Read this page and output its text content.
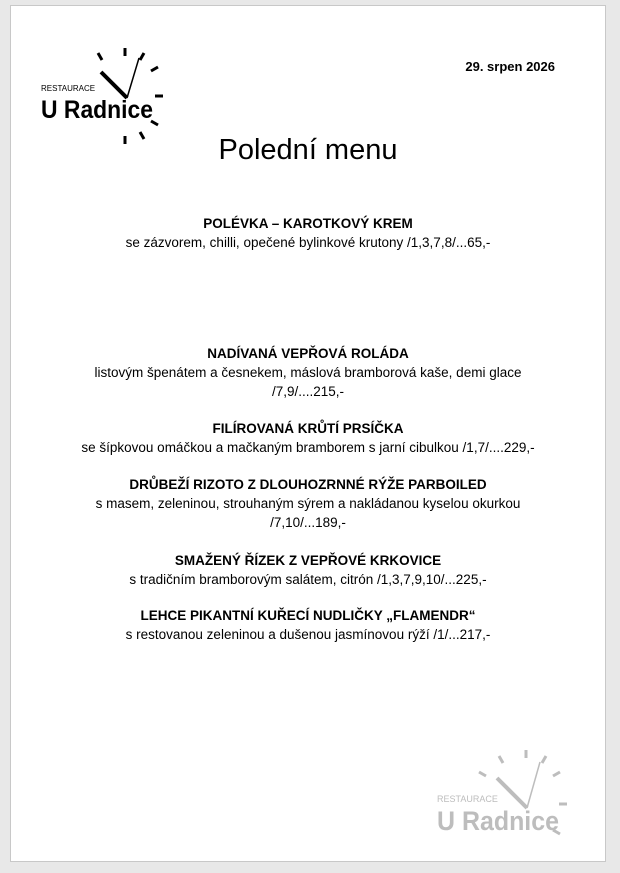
RESTAURACE
U Radnice
29. srpen 2026
Polední menu
POLÉVKA – KAROTKOVÝ KREM
se zázvorem, chilli, opečené bylinkové krutony /1,3,7,8/...65,-
NADÍVANÁ VEPŘOVÁ ROLÁDA
listovým špenátem a česnekem, máslová bramborová kaše, demi glace
/7,9/....215,-
FILÍROVANÁ KRŮTÍ PRSÍČKA
se šípkovou omáčkou a mačkaným bramborem s jarní cibulkou /1,7/....229,-
DRŮBEŽÍ RIZOTO Z DLOUHOZRNNÉ RÝŽE PARBOILED
s masem, zeleninou, strouhaným sýrem a nakládanou kyselou okurkou
/7,10/...189,-
SMAŽENÝ ŘÍZEK Z VEPŘOVÉ KRKOVICE
s tradičním bramborovým salátem, citrón /1,3,7,9,10/...225,-
LEHCE PIKANTNÍ KUŘECÍ NUDLIČKY „FLAMENDR“
s restovanou zeleninou a dušenou jasmínovou rýží /1/...217,-
RESTAURACE
U Radnice
